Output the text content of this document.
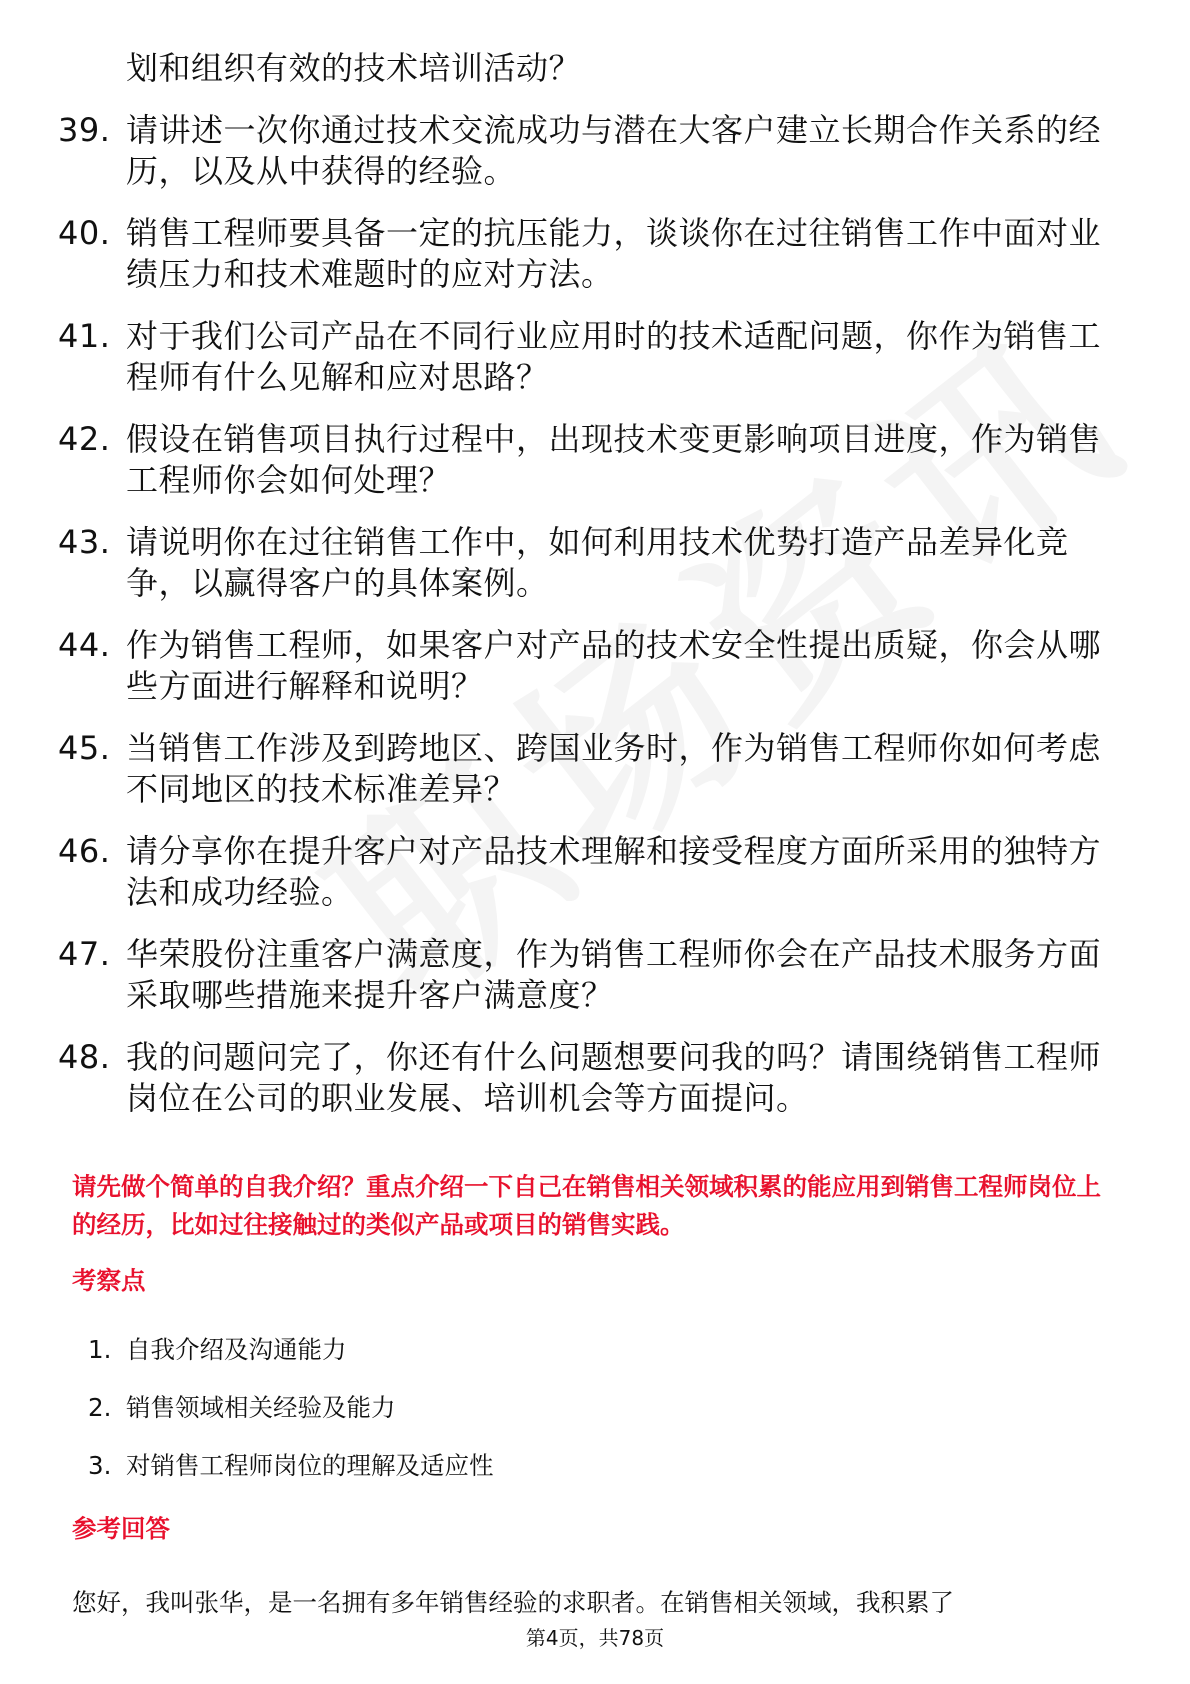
划和组织有效的技术培训活动？
39. 请讲述一次你通过技术交流成功与潜在大客户建立长期合作关系的经历，以及从中获得的经验。
40. 销售工程师要具备一定的抗压能力，谈谈你在过往销售工作中面对业绩压力和技术难题时的应对方法。
41. 对于我们公司产品在不同行业应用时的技术适配问题，你作为销售工程师有什么见解和应对思路？
42. 假设在销售项目执行过程中，出现技术变更影响项目进度，作为销售工程师你会如何处理？
43. 请说明你在过往销售工作中，如何利用技术优势打造产品差异化竞争，以赢得客户的具体案例。
44. 作为销售工程师，如果客户对产品的技术安全性提出质疑，你会从哪些方面进行解释和说明？
45. 当销售工作涉及到跨地区、跨国业务时，作为销售工程师你如何考虑不同地区的技术标准差异？
46. 请分享你在提升客户对产品技术理解和接受程度方面所采用的独特方法和成功经验。
47. 华荣股份注重客户满意度，作为销售工程师你会在产品技术服务方面采取哪些措施来提升客户满意度？
48. 我的问题问完了，你还有什么问题想要问我的吗？请围绕销售工程师岗位在公司的职业发展、培训机会等方面提问。
请先做个简单的自我介绍？重点介绍一下自己在销售相关领域积累的能应用到销售工程师岗位上的经历，比如过往接触过的类似产品或项目的销售实践。
考察点
1. 自我介绍及沟通能力
2. 销售领域相关经验及能力
3. 对销售工程师岗位的理解及适应性
参考回答
您好，我叫张华，是一名拥有多年销售经验的求职者。在销售相关领域，我积累了
第4页，共78页
